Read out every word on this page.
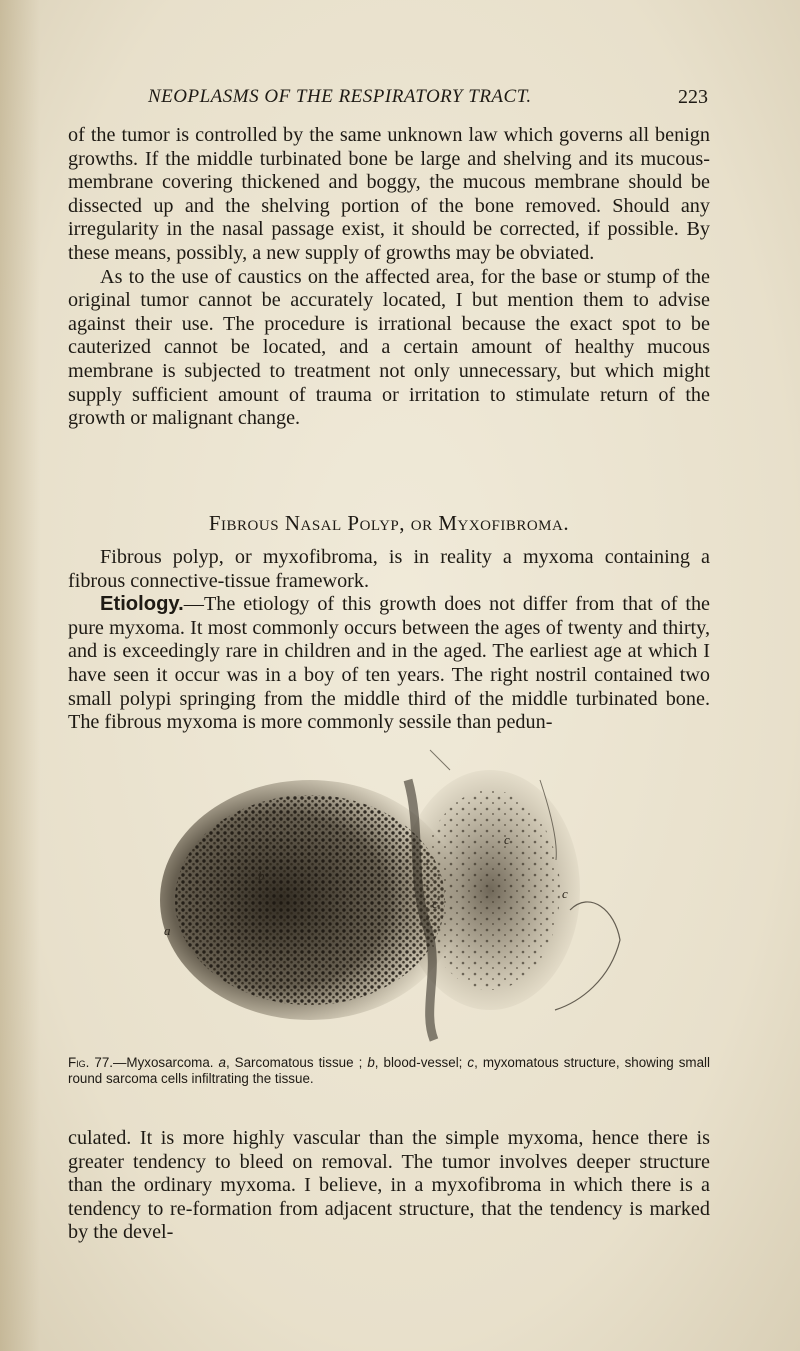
NEOPLASMS OF THE RESPIRATORY TRACT.	223

of the tumor is controlled by the same unknown law which governs all benign growths. If the middle turbinated bone be large and shelving and its mucous-membrane covering thickened and boggy, the mucous membrane should be dissected up and the shelving portion of the bone removed. Should any irregularity in the nasal passage exist, it should be corrected, if possible. By these means, possibly, a new supply of growths may be obviated.

As to the use of caustics on the affected area, for the base or stump of the original tumor cannot be accurately located, I but mention them to advise against their use. The procedure is irrational because the exact spot to be cauterized cannot be located, and a certain amount of healthy mucous membrane is subjected to treatment not only unnecessary, but which might supply sufficient amount of trauma or irritation to stimulate return of the growth or malignant change.

Fibrous Nasal Polyp, or Myxofibroma.

Fibrous polyp, or myxofibroma, is in reality a myxoma containing a fibrous connective-tissue framework.

Etiology.—The etiology of this growth does not differ from that of the pure myxoma. It most commonly occurs between the ages of twenty and thirty, and is exceedingly rare in children and in the aged. The earliest age at which I have seen it occur was in a boy of ten years. The right nostril contained two small polypi springing from the middle third of the middle turbinated bone. The fibrous myxoma is more commonly sessile than pedun-

a
b
c
c
c
Fig. 77.—Myxosarcoma. a, Sarcomatous tissue ; b, blood-vessel; c, myxomatous structure, showing small round sarcoma cells infiltrating the tissue.

culated. It is more highly vascular than the simple myxoma, hence there is greater tendency to bleed on removal. The tumor involves deeper structure than the ordinary myxoma. I believe, in a myxofibroma in which there is a tendency to re-formation from adjacent structure, that the tendency is marked by the devel-
